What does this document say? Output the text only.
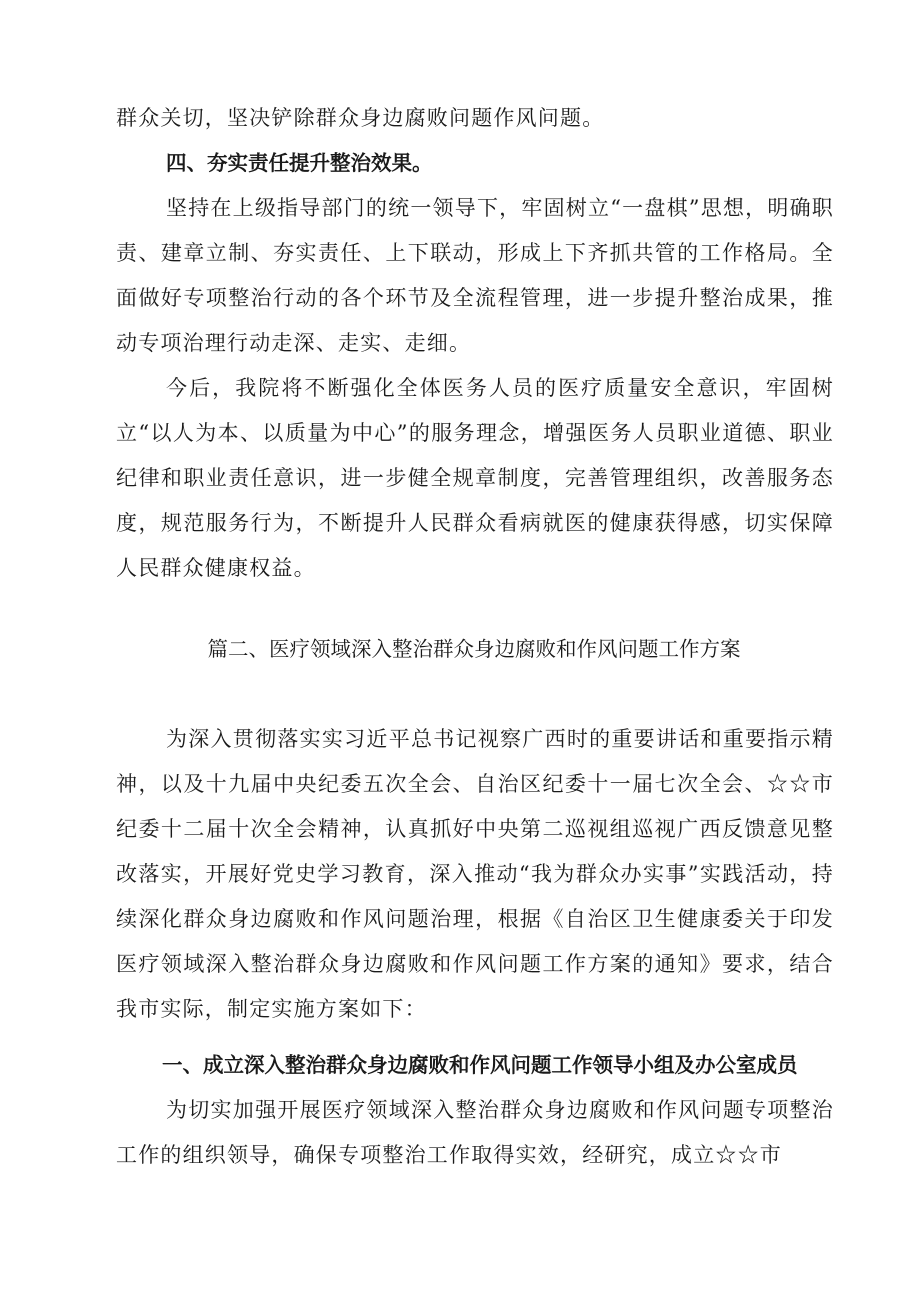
群众关切，坚决铲除群众身边腐败问题作风问题。

四、夯实责任提升整治效果。

坚持在上级指导部门的统一领导下，牢固树立“一盘棋”思想，明确职责、建章立制、夯实责任、上下联动，形成上下齐抓共管的工作格局。全面做好专项整治行动的各个环节及全流程管理，进一步提升整治成果，推动专项治理行动走深、走实、走细。

今后，我院将不断强化全体医务人员的医疗质量安全意识，牢固树立“以人为本、以质量为中心”的服务理念，增强医务人员职业道德、职业纪律和职业责任意识，进一步健全规章制度，完善管理组织，改善服务态度，规范服务行为，不断提升人民群众看病就医的健康获得感，切实保障人民群众健康权益。

篇二、医疗领域深入整治群众身边腐败和作风问题工作方案

为深入贯彻落实实习近平总书记视察广西时的重要讲话和重要指示精神，以及十九届中央纪委五次全会、自治区纪委十一届七次全会、☆☆市纪委十二届十次全会精神，认真抓好中央第二巡视组巡视广西反馈意见整改落实，开展好党史学习教育，深入推动“我为群众办实事”实践活动，持续深化群众身边腐败和作风问题治理，根据《自治区卫生健康委关于印发医疗领域深入整治群众身边腐败和作风问题工作方案的通知》要求，结合我市实际，制定实施方案如下：

一、成立深入整治群众身边腐败和作风问题工作领导小组及办公室成员

为切实加强开展医疗领域深入整治群众身边腐败和作风问题专项整治工作的组织领导，确保专项整治工作取得实效，经研究，成立☆☆市
